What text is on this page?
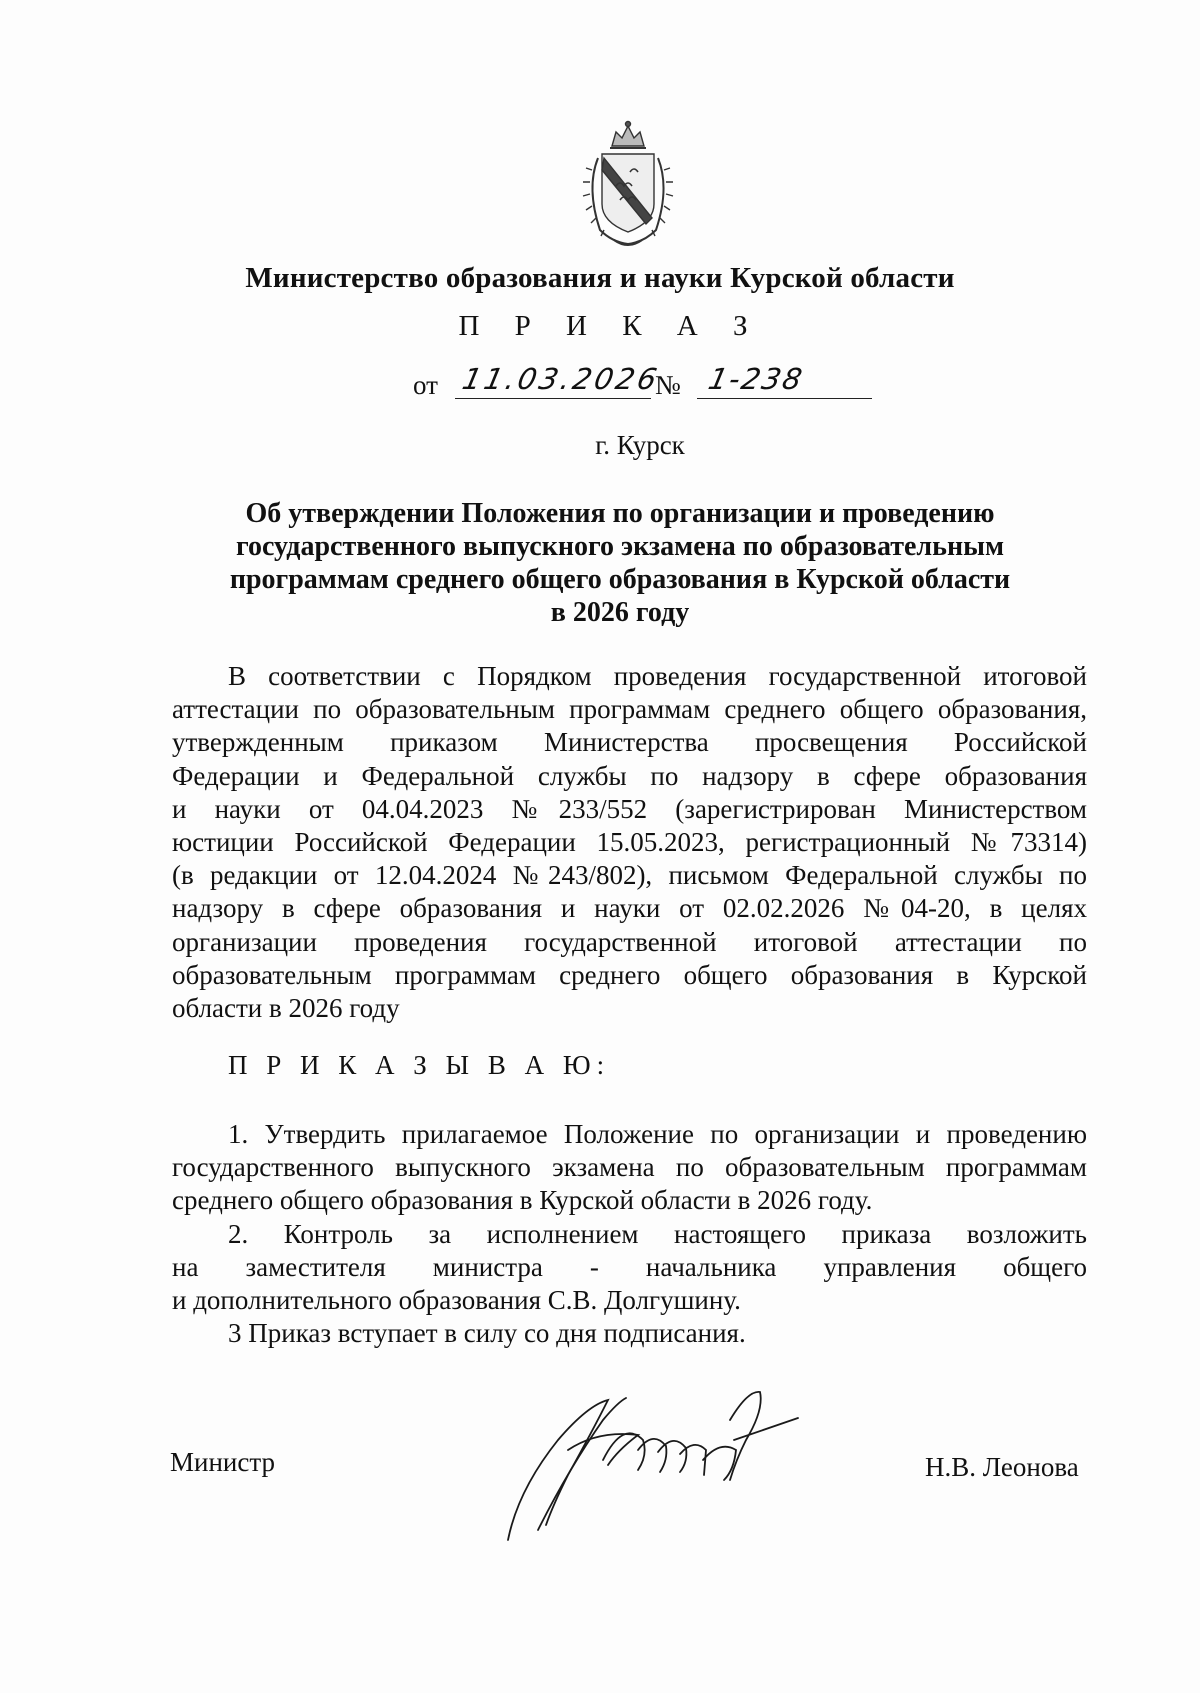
Министерство образования и науки Курской области
П Р И К А З
от 11.03.2026
№ 1-238
г. Курск
Об утверждении Положения по организации и проведению
государственного выпускного экзамена по образовательным
программам среднего общего образования в Курской области
в 2026 году
В соответствии с Порядком проведения государственной итоговой
аттестации по образовательным программам среднего общего образования,
утвержденным приказом Министерства просвещения Российской
Федерации и Федеральной службы по надзору в сфере образования
и науки от 04.04.2023 №233/552 (зарегистрирован Министерством
юстиции Российской Федерации 15.05.2023, регистрационный №73314)
(в редакции от 12.04.2024 №243/802), письмом Федеральной службы по
надзору в сфере образования и науки от 02.02.2026 №04-20, в целях
организации проведения государственной итоговой аттестации по
образовательным программам среднего общего образования в Курской
области в 2026 году
П Р И К А З Ы В А Ю:
1. Утвердить прилагаемое Положение по организации и проведению
государственного выпускного экзамена по образовательным программам
среднего общего образования в Курской области в 2026 году.
2. Контроль за исполнением настоящего приказа возложить
на заместителя министра - начальника управления общего
и дополнительного образования С.В. Долгушину.
3 Приказ вступает в силу со дня подписания.
Министр	Н.В. Леонова
